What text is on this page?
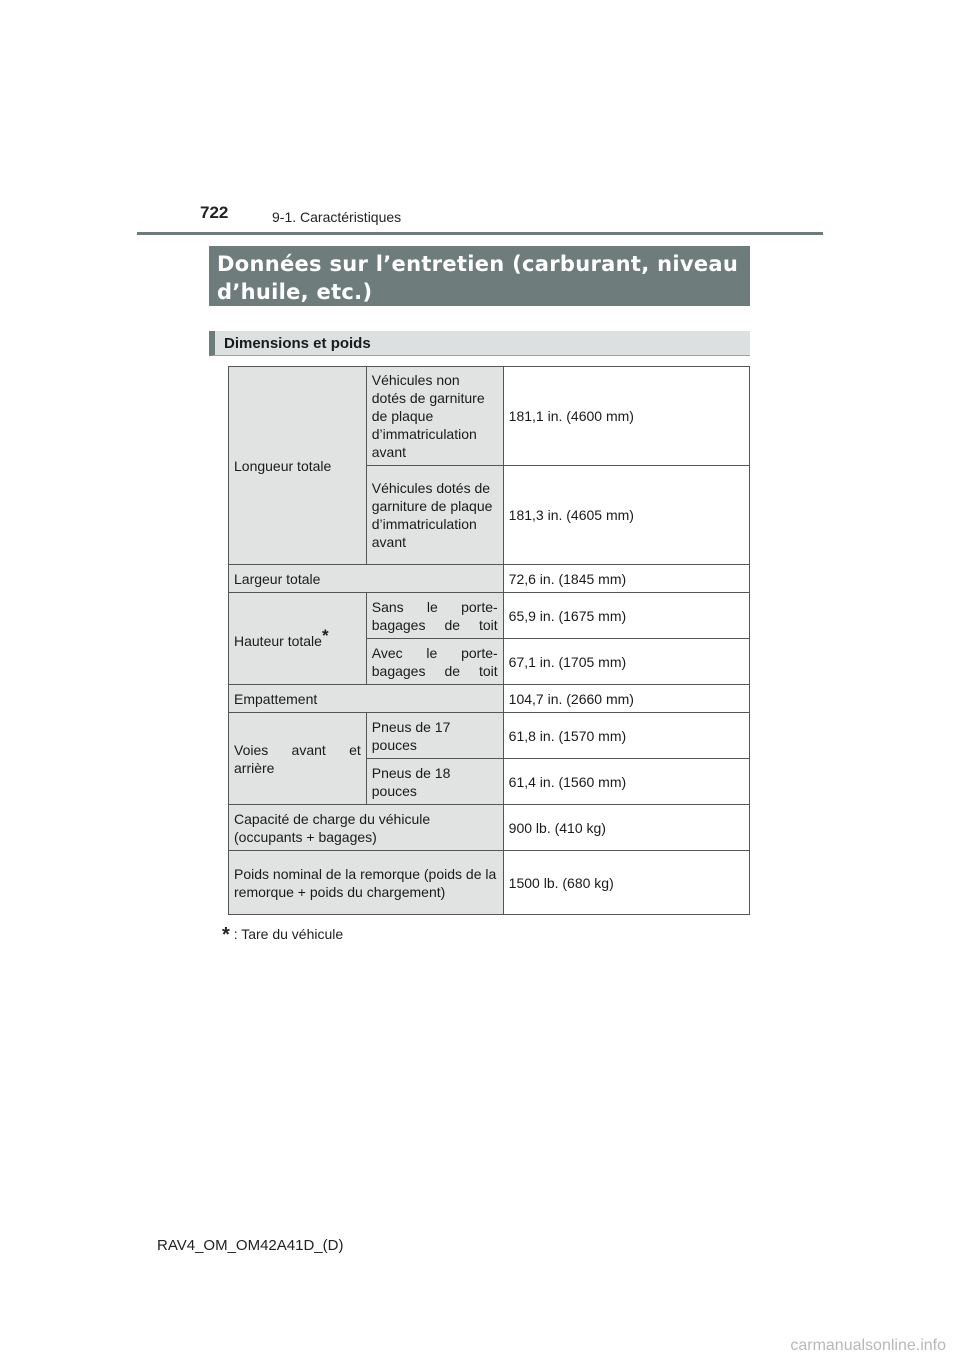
722	9-1. Caractéristiques
Données sur l’entretien (carburant, niveau d’huile, etc.)
Dimensions et poids
Longueur totale	Véhicules non dotés de garniture de plaque d’immatriculation avant	181,1 in. (4600 mm)
	Véhicules dotés de garniture de plaque d’immatriculation avant	181,3 in. (4605 mm)
Largeur totale		72,6 in. (1845 mm)
Hauteur totale*	Sans le porte-bagages de toit	65,9 in. (1675 mm)
	Avec le porte-bagages de toit	67,1 in. (1705 mm)
Empattement		104,7 in. (2660 mm)
Voies avant et arrière	Pneus de 17 pouces	61,8 in. (1570 mm)
	Pneus de 18 pouces	61,4 in. (1560 mm)
Capacité de charge du véhicule (occupants + bagages)		900 lb. (410 kg)
Poids nominal de la remorque (poids de la remorque + poids du chargement)		1500 lb. (680 kg)
* : Tare du véhicule
RAV4_OM_OM42A41D_(D)
carmanualsonline.info
